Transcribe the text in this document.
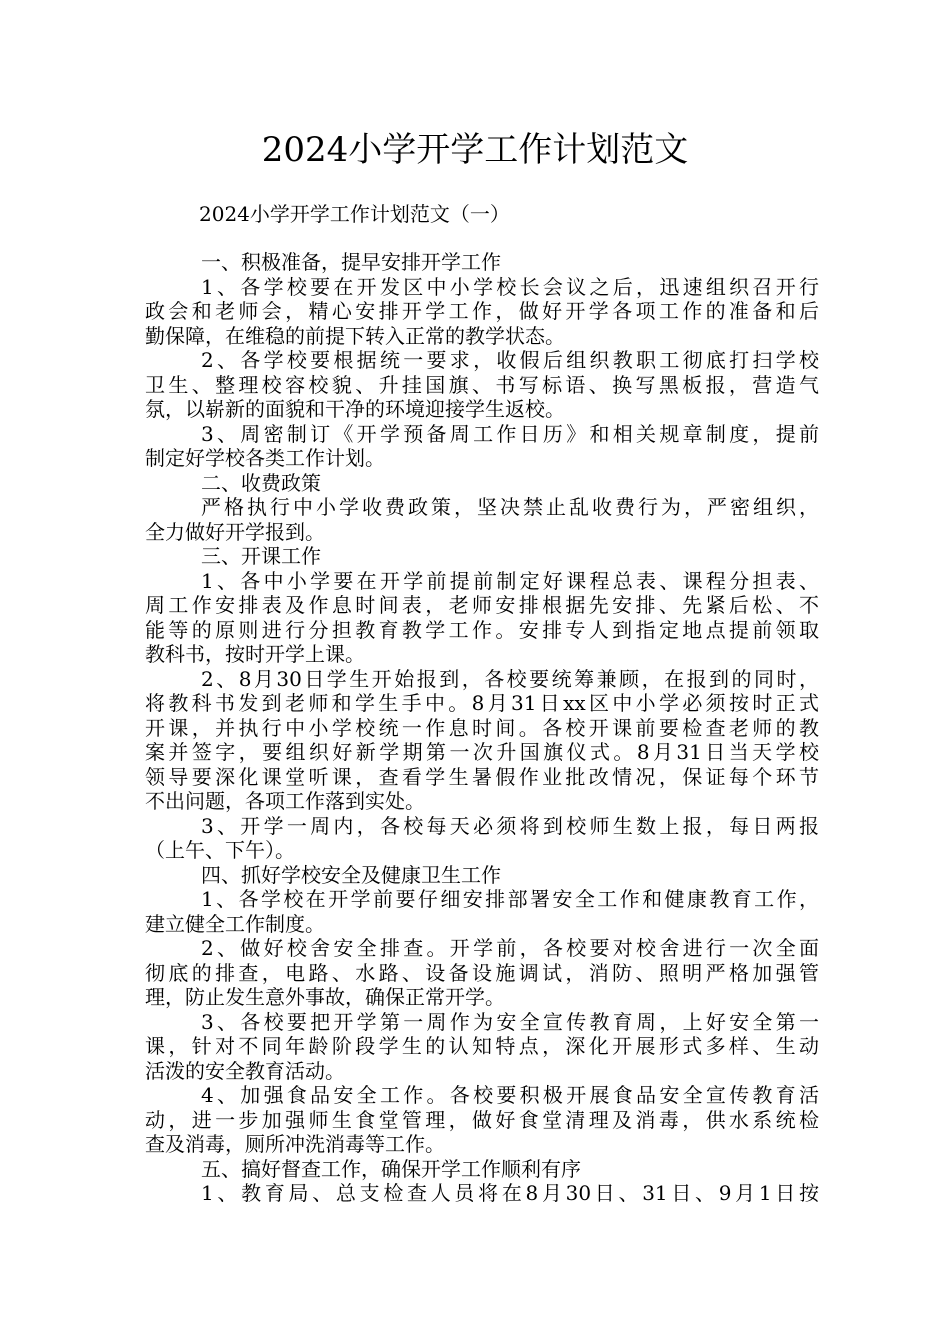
2024小学开学工作计划范文
2024小学开学工作计划范文（一）
一、积极准备，提早安排开学工作
1、各学校要在开发区中小学校长会议之后，迅速组织召开行
政会和老师会，精心安排开学工作，做好开学各项工作的准备和后
勤保障，在维稳的前提下转入正常的教学状态。
2、各学校要根据统一要求，收假后组织教职工彻底打扫学校
卫生、整理校容校貌、升挂国旗、书写标语、换写黑板报，营造气
氛，以崭新的面貌和干净的环境迎接学生返校。
3、周密制订《开学预备周工作日历》和相关规章制度，提前
制定好学校各类工作计划。
二、收费政策
严格执行中小学收费政策，坚决禁止乱收费行为，严密组织，
全力做好开学报到。
三、开课工作
1、各中小学要在开学前提前制定好课程总表、课程分担表、
周工作安排表及作息时间表，老师安排根据先安排、先紧后松、不
能等的原则进行分担教育教学工作。安排专人到指定地点提前领取
教科书，按时开学上课。
2、8月30日学生开始报到，各校要统筹兼顾，在报到的同时，
将教科书发到老师和学生手中。8月31日xx区中小学必须按时正式
开课，并执行中小学校统一作息时间。各校开课前要检查老师的教
案并签字，要组织好新学期第一次升国旗仪式。8月31日当天学校
领导要深化课堂听课，查看学生暑假作业批改情况，保证每个环节
不出问题，各项工作落到实处。
3、开学一周内，各校每天必须将到校师生数上报，每日两报
（上午、下午）。
四、抓好学校安全及健康卫生工作
1、各学校在开学前要仔细安排部署安全工作和健康教育工作，
建立健全工作制度。
2、做好校舍安全排查。开学前，各校要对校舍进行一次全面
彻底的排查，电路、水路、设备设施调试，消防、照明严格加强管
理，防止发生意外事故，确保正常开学。
3、各校要把开学第一周作为安全宣传教育周，上好安全第一
课，针对不同年龄阶段学生的认知特点，深化开展形式多样、生动
活泼的安全教育活动。
4、加强食品安全工作。各校要积极开展食品安全宣传教育活
动，进一步加强师生食堂管理，做好食堂清理及消毒，供水系统检
查及消毒，厕所冲洗消毒等工作。
五、搞好督查工作，确保开学工作顺利有序
1、教育局、总支检查人员将在8月30日、31日、9月1日按
